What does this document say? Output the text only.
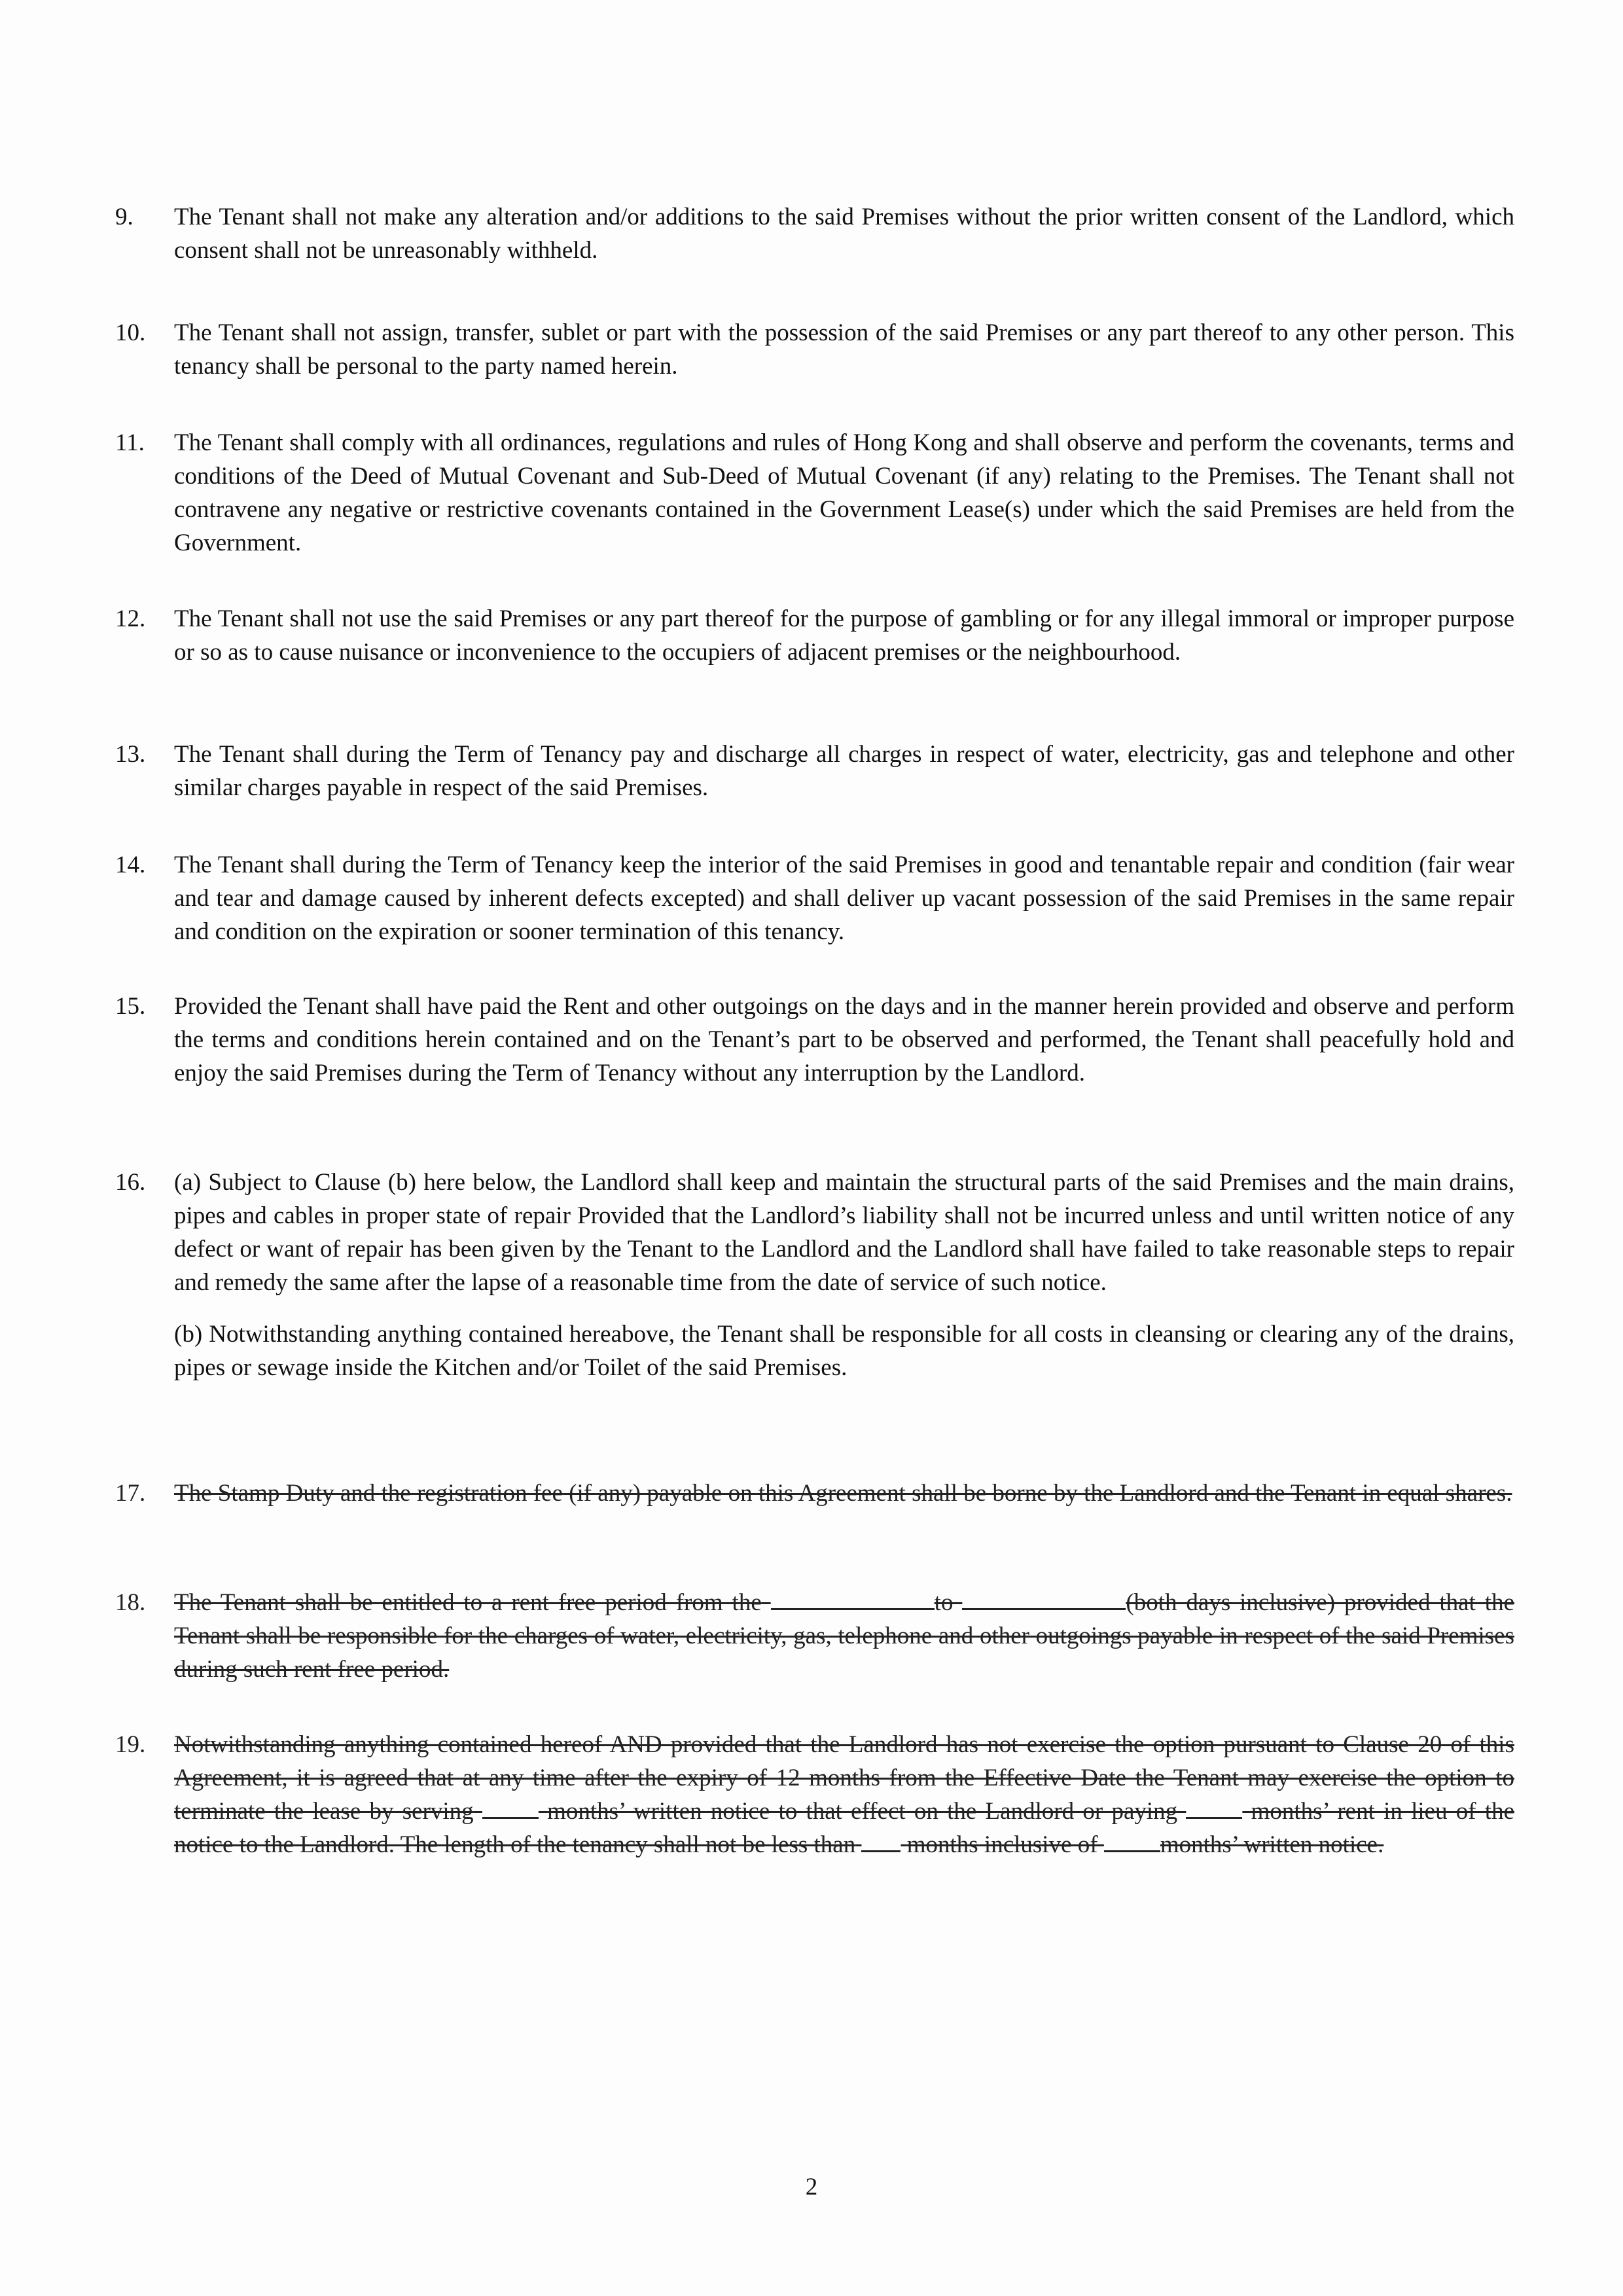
9. The Tenant shall not make any alteration and/or additions to the said Premises without the prior written consent of the Landlord, which consent shall not be unreasonably withheld.
10. The Tenant shall not assign, transfer, sublet or part with the possession of the said Premises or any part thereof to any other person. This tenancy shall be personal to the party named herein.
11. The Tenant shall comply with all ordinances, regulations and rules of Hong Kong and shall observe and perform the covenants, terms and conditions of the Deed of Mutual Covenant and Sub-Deed of Mutual Covenant (if any) relating to the Premises. The Tenant shall not contravene any negative or restrictive covenants contained in the Government Lease(s) under which the said Premises are held from the Government.
12. The Tenant shall not use the said Premises or any part thereof for the purpose of gambling or for any illegal immoral or improper purpose or so as to cause nuisance or inconvenience to the occupiers of adjacent premises or the neighbourhood.
13. The Tenant shall during the Term of Tenancy pay and discharge all charges in respect of water, electricity, gas and telephone and other similar charges payable in respect of the said Premises.
14. The Tenant shall during the Term of Tenancy keep the interior of the said Premises in good and tenantable repair and condition (fair wear and tear and damage caused by inherent defects excepted) and shall deliver up vacant possession of the said Premises in the same repair and condition on the expiration or sooner termination of this tenancy.
15. Provided the Tenant shall have paid the Rent and other outgoings on the days and in the manner herein provided and observe and perform the terms and conditions herein contained and on the Tenant’s part to be observed and performed, the Tenant shall peacefully hold and enjoy the said Premises during the Term of Tenancy without any interruption by the Landlord.
16. (a) Subject to Clause (b) here below, the Landlord shall keep and maintain the structural parts of the said Premises and the main drains, pipes and cables in proper state of repair Provided that the Landlord’s liability shall not be incurred unless and until written notice of any defect or want of repair has been given by the Tenant to the Landlord and the Landlord shall have failed to take reasonable steps to repair and remedy the same after the lapse of a reasonable time from the date of service of such notice.
(b) Notwithstanding anything contained hereabove, the Tenant shall be responsible for all costs in cleansing or clearing any of the drains, pipes or sewage inside the Kitchen and/or Toilet of the said Premises.
17. The Stamp Duty and the registration fee (if any) payable on this Agreement shall be borne by the Landlord and the Tenant in equal shares.
18. The Tenant shall be entitled to a rent free period from the	to	(both days inclusive) provided that the Tenant shall be responsible for the charges of water, electricity, gas, telephone and other outgoings payable in respect of the said Premises during such rent free period.
19. Notwithstanding anything contained hereof AND provided that the Landlord has not exercise the option pursuant to Clause 20 of this Agreement, it is agreed that at any time after the expiry of 12 months from the Effective Date the Tenant may exercise the option to terminate the lease by serving	months’ written notice to that effect on the Landlord or paying	months’ rent in lieu of the notice to the Landlord. The length of the tenancy shall not be less than months inclusive of	months’ written notice.
2
